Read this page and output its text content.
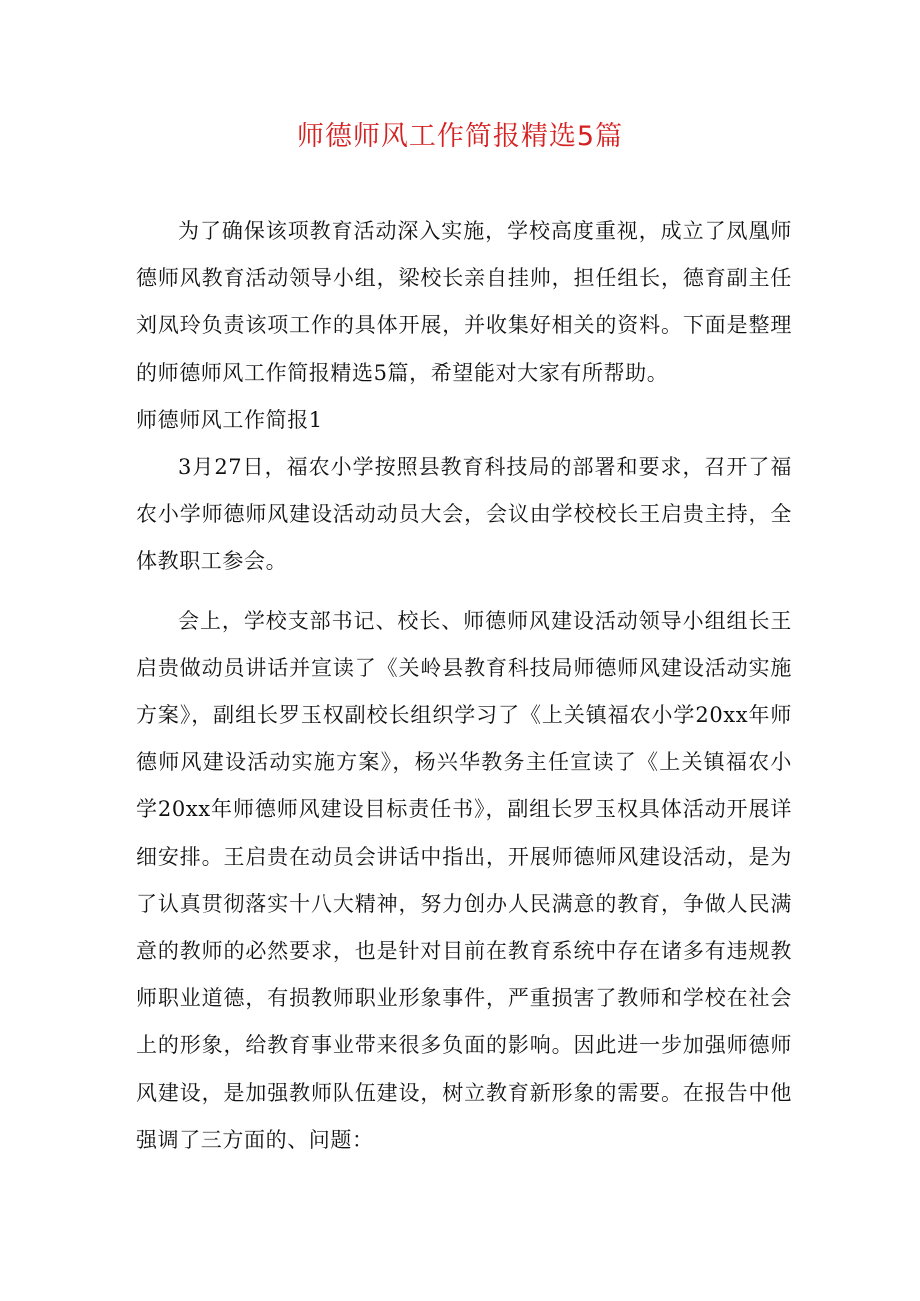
师德师风工作简报精选5篇

为了确保该项教育活动深入实施，学校高度重视，成立了凤凰师德师风教育活动领导小组，梁校长亲自挂帅，担任组长，德育副主任刘凤玲负责该项工作的具体开展，并收集好相关的资料。下面是整理的师德师风工作简报精选5篇，希望能对大家有所帮助。

师德师风工作简报1

3月27日，福农小学按照县教育科技局的部署和要求，召开了福农小学师德师风建设活动动员大会，会议由学校校长王启贵主持，全体教职工参会。

会上，学校支部书记、校长、师德师风建设活动领导小组组长王启贵做动员讲话并宣读了《关岭县教育科技局师德师风建设活动实施方案》，副组长罗玉权副校长组织学习了《上关镇福农小学20xx年师德师风建设活动实施方案》，杨兴华教务主任宣读了《上关镇福农小学20xx年师德师风建设目标责任书》，副组长罗玉权具体活动开展详细安排。王启贵在动员会讲话中指出，开展师德师风建设活动，是为了认真贯彻落实十八大精神，努力创办人民满意的教育，争做人民满意的教师的必然要求，也是针对目前在教育系统中存在诸多有违规教师职业道德，有损教师职业形象事件，严重损害了教师和学校在社会上的形象，给教育事业带来很多负面的影响。因此进一步加强师德师风建设，是加强教师队伍建设，树立教育新形象的需要。在报告中他强调了三方面的、问题：
